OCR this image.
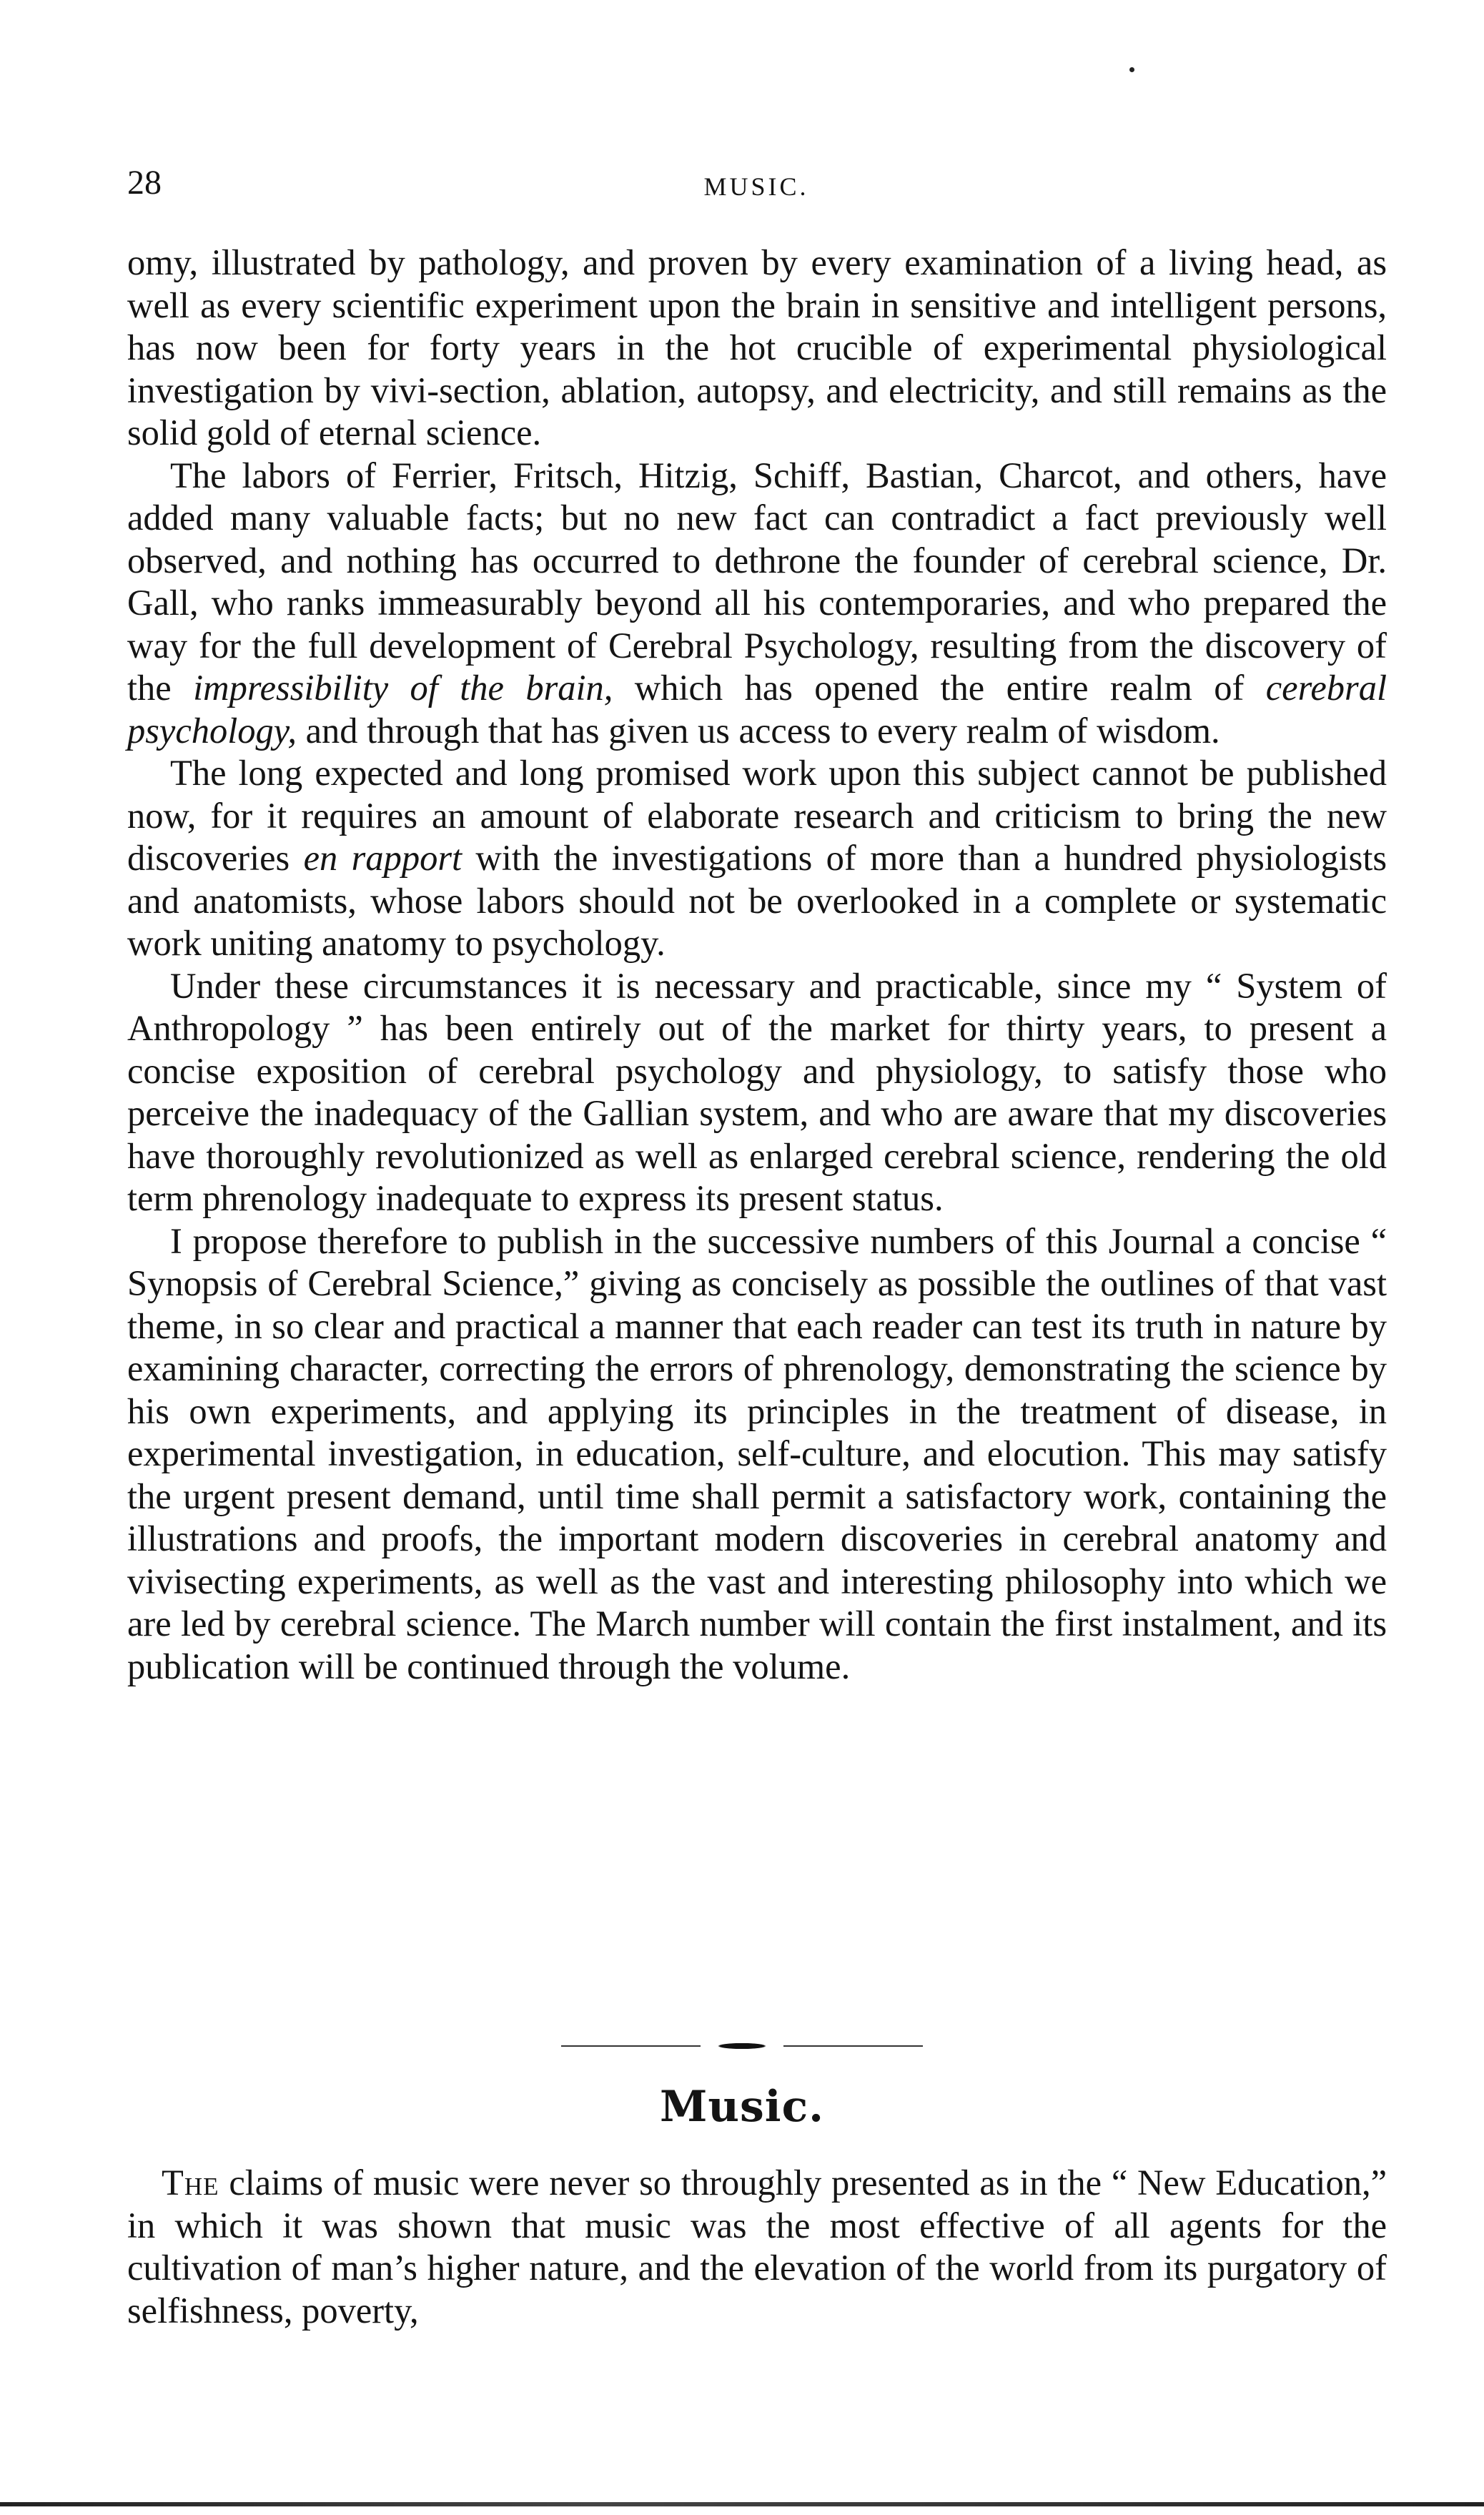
28	MUSIC.

omy, illustrated by pathology, and proven by every examination of a living head, as well as every scientific experiment upon the brain in sensitive and intelligent persons, has now been for forty years in the hot crucible of experimental physiological investigation by vivi-section, ablation, autopsy, and electricity, and still remains as the solid gold of eternal science.

The labors of Ferrier, Fritsch, Hitzig, Schiff, Bastian, Charcot, and others, have added many valuable facts; but no new fact can contradict a fact previously well observed, and nothing has occurred to dethrone the founder of cerebral science, Dr. Gall, who ranks immeasurably beyond all his contemporaries, and who prepared the way for the full development of Cerebral Psychology, resulting from the discovery of the impressibility of the brain, which has opened the entire realm of cerebral psychology, and through that has given us access to every realm of wisdom.

The long expected and long promised work upon this subject cannot be published now, for it requires an amount of elaborate research and criticism to bring the new discoveries en rapport with the investigations of more than a hundred physiologists and anatomists, whose labors should not be overlooked in a complete or systematic work uniting anatomy to psychology.

Under these circumstances it is necessary and practicable, since my “ System of Anthropology ” has been entirely out of the market for thirty years, to present a concise exposition of cerebral psychology and physiology, to satisfy those who perceive the inadequacy of the Gallian system, and who are aware that my discoveries have thoroughly revolutionized as well as enlarged cerebral science, rendering the old term phrenology inadequate to express its present status.

I propose therefore to publish in the successive numbers of this Journal a concise “ Synopsis of Cerebral Science,” giving as concisely as possible the outlines of that vast theme, in so clear and practical a manner that each reader can test its truth in nature by examining character, correcting the errors of phrenology, demonstrating the science by his own experiments, and applying its principles in the treatment of disease, in experimental investigation, in education, self-culture, and elocution. This may satisfy the urgent present demand, until time shall permit a satisfactory work, containing the illustrations and proofs, the important modern discoveries in cerebral anatomy and vivisecting experiments, as well as the vast and interesting philosophy into which we are led by cerebral science. The March number will contain the first instalment, and its publication will be continued through the volume.

Music.

The claims of music were never so throughly presented as in the “ New Education,” in which it was shown that music was the most effective of all agents for the cultivation of man’s higher nature, and the elevation of the world from its purgatory of selfishness, poverty,
